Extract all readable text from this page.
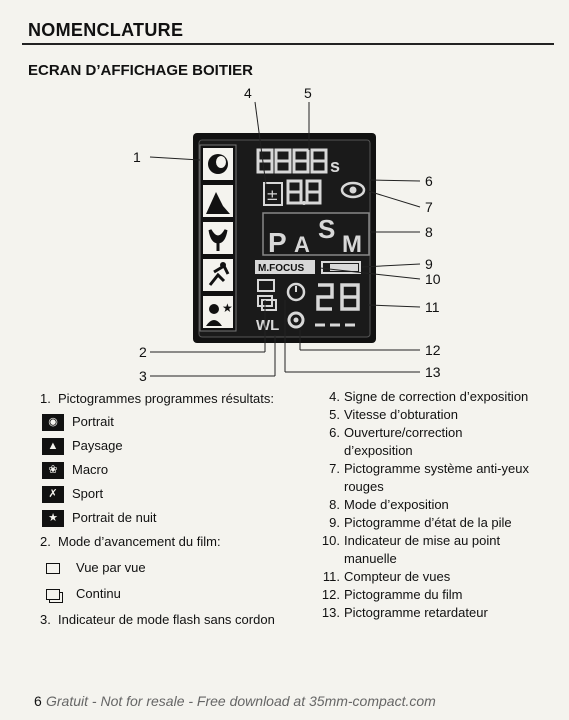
NOMENCLATURE
ECRAN D’AFFICHAGE BOITIER
★
s
±
P A
S
M
M.FOCUS
WL
1
2
3
4	5
6
7
8
9
10
11
12
13
1. Pictogrammes programmes résultats:
◉	Portrait
▲	Paysage
❀	Macro
✗	Sport
★	Portrait de nuit
2. Mode d’avancement du film:
Vue par vue
Continu
3. Indicateur de mode flash sans cordon
4. Signe de correction d’exposition
5. Vitesse d’obturation
6. Ouverture/correction
d’exposition
7. Pictogramme système anti-yeux
rouges
8. Mode d’exposition
9. Pictogramme d’état de la pile
10. Indicateur de mise au point
manuelle
11. Compteur de vues
12. Pictogramme du film
13. Pictogramme retardateur
6 Gratuit - Not for resale - Free download at 35mm-compact.com
